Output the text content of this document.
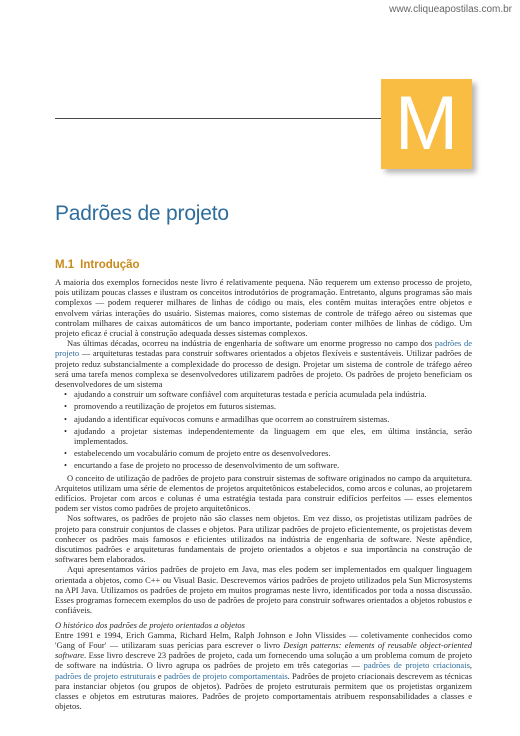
www.cliqueapostilas.com.br
M
Padrões de projeto
M.1 Introdução

A maioria dos exemplos fornecidos neste livro é relativamente pequena. Não requerem um extenso processo de projeto, pois utilizam poucas classes e ilustram os conceitos introdutórios de programação. Entretanto, alguns programas são mais complexos — podem requerer milhares de linhas de código ou mais, eles contêm muitas interações entre objetos e envolvem várias interações do usuário. Sistemas maiores, como sistemas de controle de tráfego aéreo ou sistemas que controlam milhares de caixas automáticos de um banco importante, poderiam conter milhões de linhas de código. Um projeto eficaz é crucial à construção adequada desses sistemas complexos.

Nas últimas décadas, ocorreu na indústria de engenharia de software um enorme progresso no campo dos padrões de projeto — arquiteturas testadas para construir softwares orientados a objetos flexíveis e sustentáveis. Utilizar padrões de projeto reduz substancialmente a complexidade do processo de design. Projetar um sistema de controle de tráfego aéreo será uma tarefa menos complexa se desenvolvedores utilizarem padrões de projeto. Os padrões de projeto beneficiam os desenvolvedores de um sistema

• ajudando a construir um software confiável com arquiteturas testada e perícia acumulada pela indústria.
• promovendo a reutilização de projetos em futuros sistemas.
• ajudando a identificar equívocos comuns e armadilhas que ocorrem ao construírem sistemas.
• ajudando a projetar sistemas independentemente da linguagem em que eles, em última instância, serão implementados.
• estabelecendo um vocabulário comum de projeto entre os desenvolvedores.
• encurtando a fase de projeto no processo de desenvolvimento de um software.

O conceito de utilização de padrões de projeto para construir sistemas de software originados no campo da arquitetura. Arquitetos utilizam uma série de elementos de projetos arquitetônicos estabelecidos, como arcos e colunas, ao projetarem edifícios. Projetar com arcos e colunas é uma estratégia testada para construir edifícios perfeitos — esses elementos podem ser vistos como padrões de projeto arquitetônicos.

Nos softwares, os padrões de projeto não são classes nem objetos. Em vez disso, os projetistas utilizam padrões de projeto para construir conjuntos de classes e objetos. Para utilizar padrões de projeto eficientemente, os projetistas devem conhecer os padrões mais famosos e eficientes utilizados na indústria de engenharia de software. Neste apêndice, discutimos padrões e arquiteturas fundamentais de projeto orientados a objetos e sua importância na construção de softwares bem elaborados.

Aqui apresentamos vários padrões de projeto em Java, mas eles podem ser implementados em qualquer linguagem orientada a objetos, como C++ ou Visual Basic. Descrevemos vários padrões de projeto utilizados pela Sun Microsystems na API Java. Utilizamos os padrões de projeto em muitos programas neste livro, identificados por toda a nossa discussão. Esses programas fornecem exemplos do uso de padrões de projeto para construir softwares orientados a objetos robustos e confiáveis.

O histórico dos padrões de projeto orientados a objetos

Entre 1991 e 1994, Erich Gamma, Richard Helm, Ralph Johnson e John Vlissides — coletivamente conhecidos como 'Gang of Four' — utilizaram suas perícias para escrever o livro Design patterns: elements of reusable object-oriented software. Esse livro descreve 23 padrões de projeto, cada um fornecendo uma solução a um problema comum de projeto de software na indústria. O livro agrupa os padrões de projeto em três categorias — padrões de projeto criacionais, padrões de projeto estruturais e padrões de projeto comportamentais. Padrões de projeto criacionais descrevem as técnicas para instanciar objetos (ou grupos de objetos). Padrões de projeto estruturais permitem que os projetistas organizem classes e objetos em estruturas maiores. Padrões de projeto comportamentais atribuem responsabilidades a classes e objetos.
